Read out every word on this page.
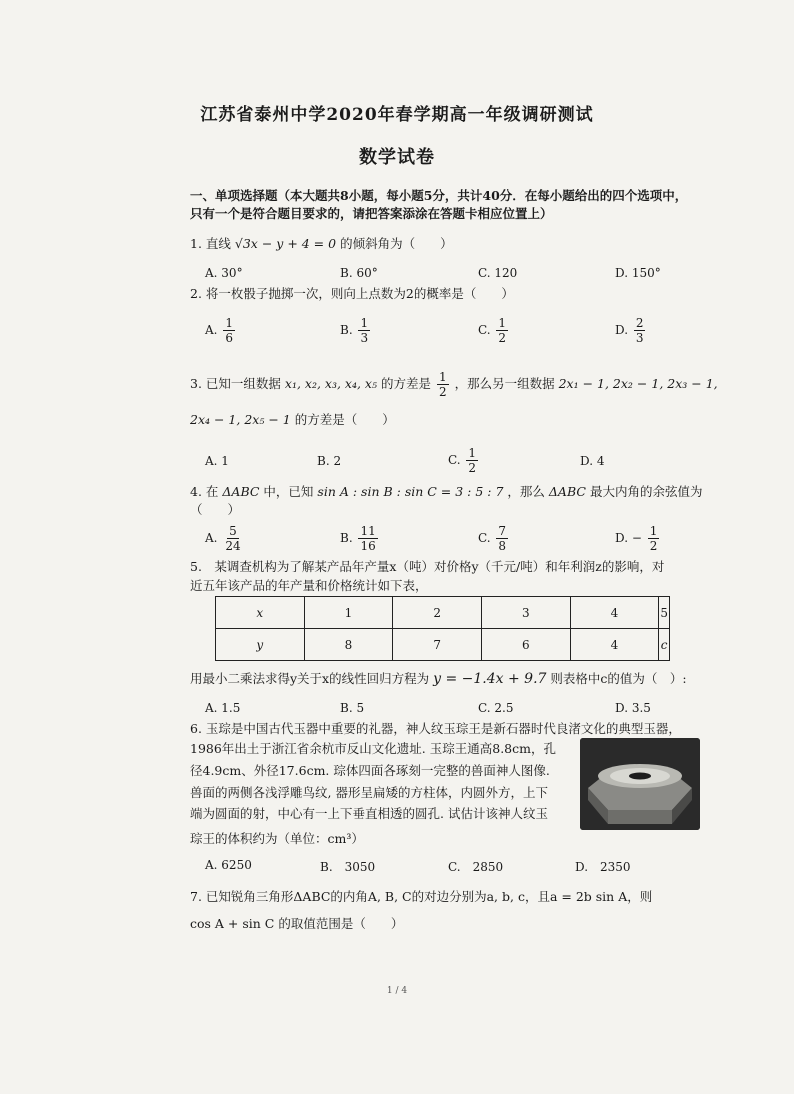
江苏省泰州中学2020年春学期高一年级调研测试
数学试卷
一、单项选择题（本大题共8小题，每小题5分，共计40分．在每小题给出的四个选项中，
只有一个是符合题目要求的，请把答案添涂在答题卡相应位置上）
1. 直线 √3x − y + 4 = 0 的倾斜角为（　　）
A. 30°	B. 60°	C. 120	D. 150°
2. 将一枚骰子抛掷一次，则向上点数为2的概率是（　　）
A. $\frac{1}{6}$	B. $\frac{1}{3}$	C. $\frac{1}{2}$	D. $\frac{2}{3}$
3. 已知一组数据 x₁, x₂, x₃, x₄, x₅ 的方差是 $\frac{1}{2}$ ，那么另一组数据 2x₁ − 1, 2x₂ − 1, 2x₃ − 1,
2x₄ − 1, 2x₅ − 1 的方差是（　　）
A. 1	B. 2	C. $\frac{1}{2}$	D. 4
4. 在 ΔABC 中，已知 sin A : sin B : sin C = 3 : 5 : 7 ，那么 ΔABC 最大内角的余弦值为
（　　）
A. $\frac{5}{24}$	B. $\frac{11}{16}$	C. $\frac{7}{8}$	D. − $\frac{1}{2}$
5.　某调查机构为了解某产品年产量x（吨）对价格y（千元/吨）和年利润z的影响，对
近五年该产品的年产量和价格统计如下表，
x	1	2	3	4	5
y	8	7	6	4	c
用最小二乘法求得y关于x的线性回归方程为 y = −1.4x + 9.7 则表格中c的值为（　）:
A. 1.5	B. 5	C. 2.5	D. 3.5
6. 玉琮是中国古代玉器中重要的礼器，神人纹玉琮王是新石器时代良渚文化的典型玉器，
1986年出土于浙江省余杭市反山文化遗址. 玉琮王通高8.8cm，孔
径4.9cm、外径17.6cm. 琮体四面各琢刻一完整的兽面神人图像.
兽面的两侧各浅浮雕鸟纹, 器形呈扁矮的方柱体，内圆外方，上下
端为圆面的射，中心有一上下垂直相透的圆孔. 试估计该神人纹玉
琮王的体积约为（单位：cm³）
A. 6250	B.　3050	C.　2850	D.　2350
7. 已知锐角三角形ΔABC的内角A, B, C的对边分别为a, b, c，且a = 2b sin A，则
cos A + sin C 的取值范围是（　　）
1 / 4
